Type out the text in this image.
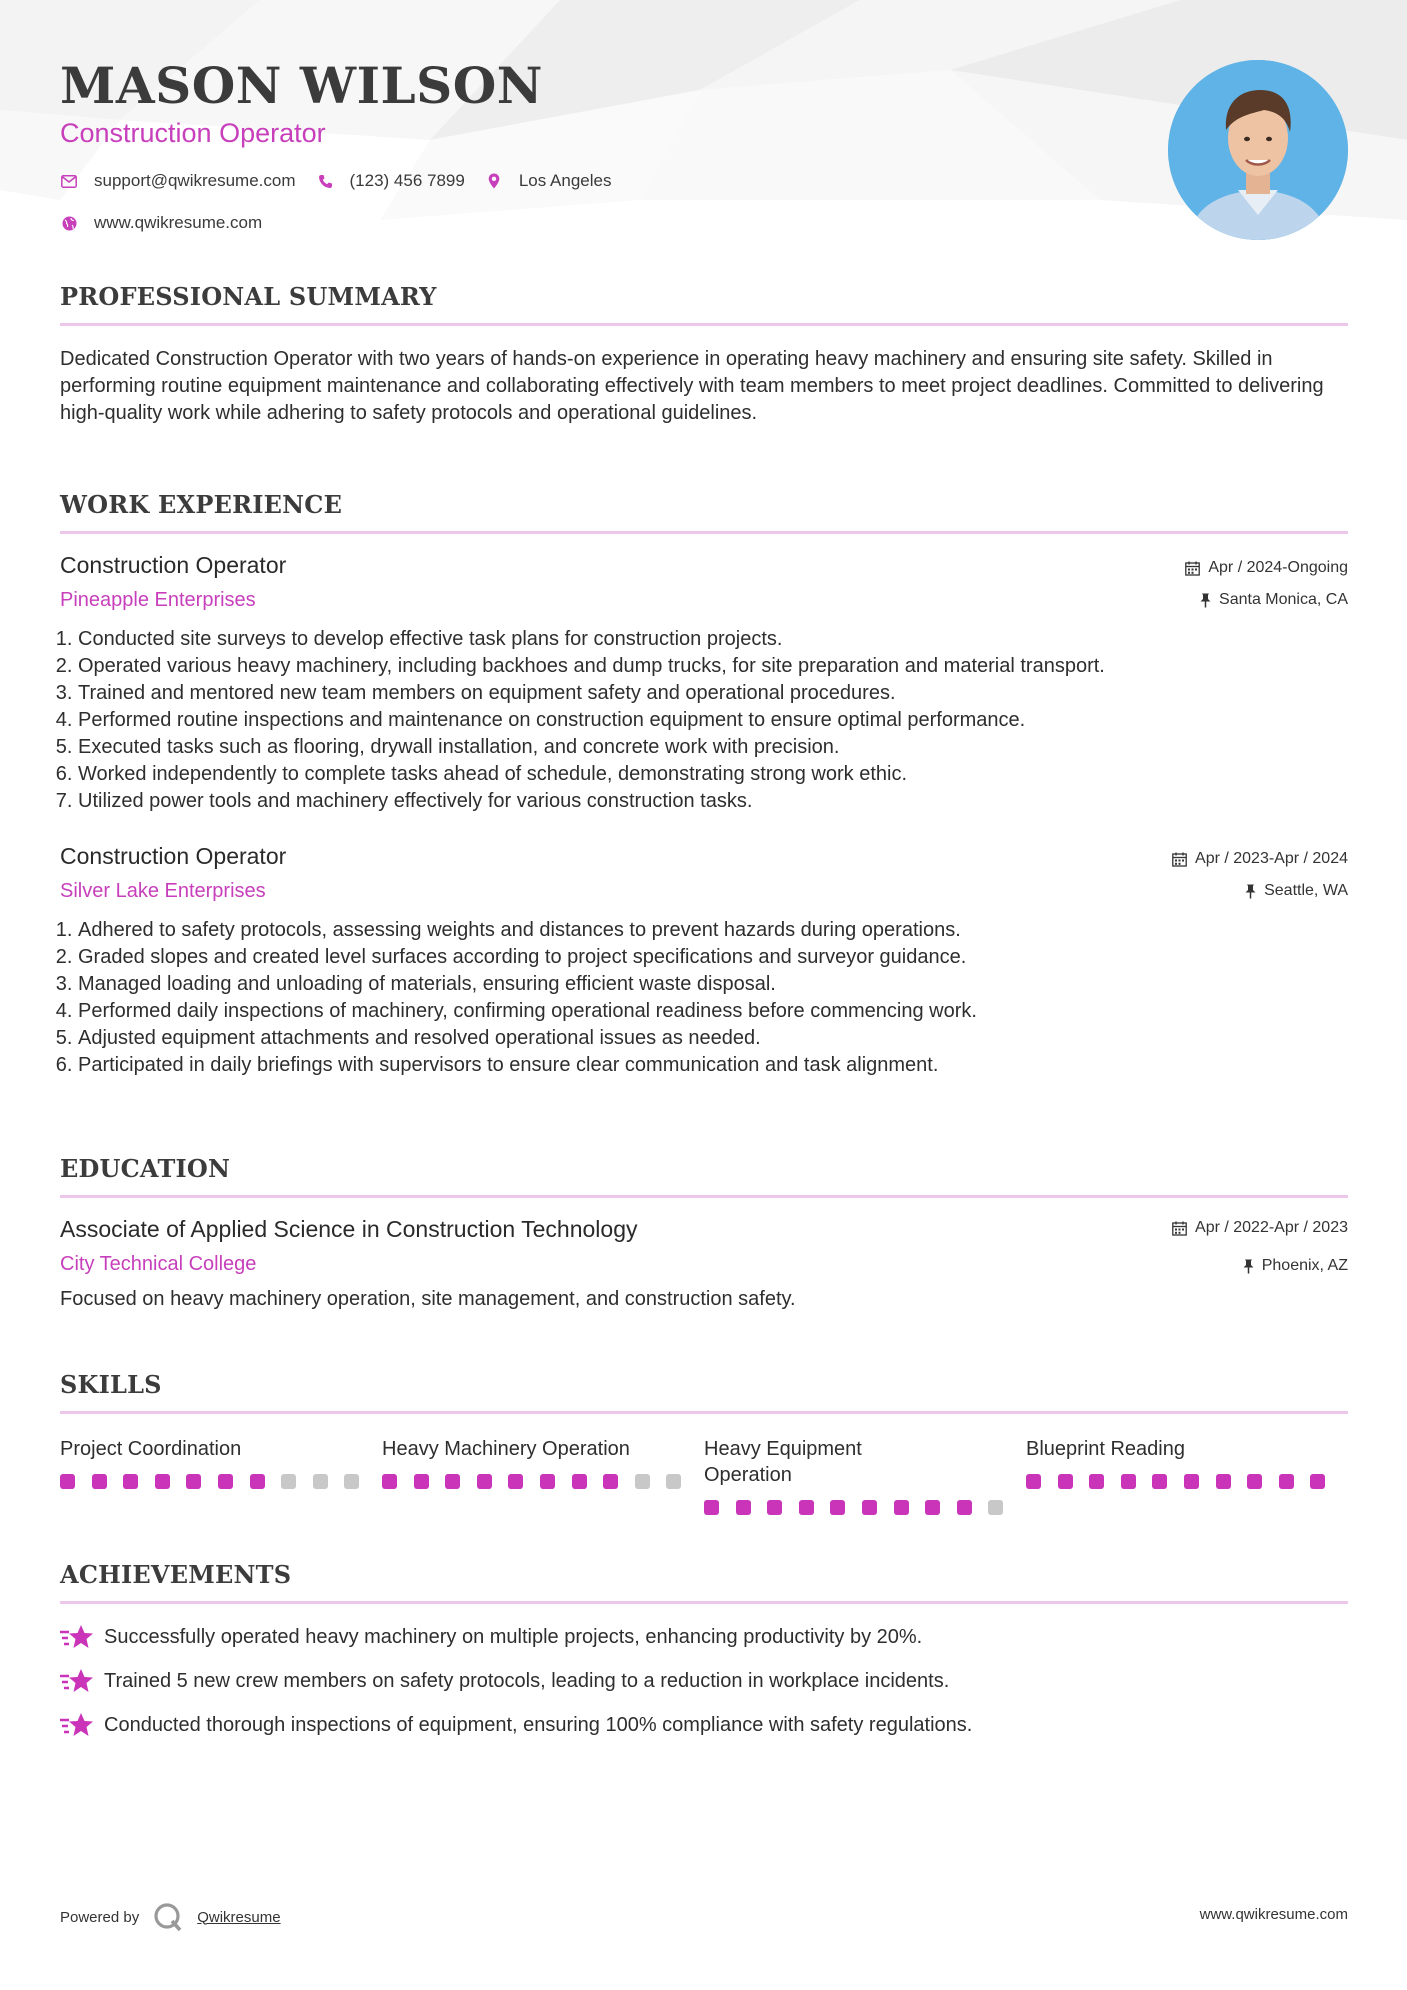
MASON WILSON
Construction Operator
support@qwikresume.com	(123) 456 7899	Los Angeles
www.qwikresume.com
PROFESSIONAL SUMMARY
Dedicated Construction Operator with two years of hands-on experience in operating heavy machinery and ensuring site safety. Skilled in performing routine equipment maintenance and collaborating effectively with team members to meet project deadlines. Committed to delivering high-quality work while adhering to safety protocols and operational guidelines.
WORK EXPERIENCE
Construction Operator
Pineapple Enterprises
Apr / 2024-Ongoing
Santa Monica, CA
1. Conducted site surveys to develop effective task plans for construction projects.
2. Operated various heavy machinery, including backhoes and dump trucks, for site preparation and material transport.
3. Trained and mentored new team members on equipment safety and operational procedures.
4. Performed routine inspections and maintenance on construction equipment to ensure optimal performance.
5. Executed tasks such as flooring, drywall installation, and concrete work with precision.
6. Worked independently to complete tasks ahead of schedule, demonstrating strong work ethic.
7. Utilized power tools and machinery effectively for various construction tasks.
Construction Operator
Silver Lake Enterprises
Apr / 2023-Apr / 2024
Seattle, WA
1. Adhered to safety protocols, assessing weights and distances to prevent hazards during operations.
2. Graded slopes and created level surfaces according to project specifications and surveyor guidance.
3. Managed loading and unloading of materials, ensuring efficient waste disposal.
4. Performed daily inspections of machinery, confirming operational readiness before commencing work.
5. Adjusted equipment attachments and resolved operational issues as needed.
6. Participated in daily briefings with supervisors to ensure clear communication and task alignment.
EDUCATION
Associate of Applied Science in Construction Technology
City Technical College
Apr / 2022-Apr / 2023
Phoenix, AZ
Focused on heavy machinery operation, site management, and construction safety.
SKILLS
Project Coordination	Heavy Machinery Operation	Heavy Equipment Operation
Blueprint Reading
ACHIEVEMENTS
Successfully operated heavy machinery on multiple projects, enhancing productivity by 20%.
Trained 5 new crew members on safety protocols, leading to a reduction in workplace incidents.
Conducted thorough inspections of equipment, ensuring 100% compliance with safety regulations.
Powered by	Qwikresume	www.qwikresume.com
